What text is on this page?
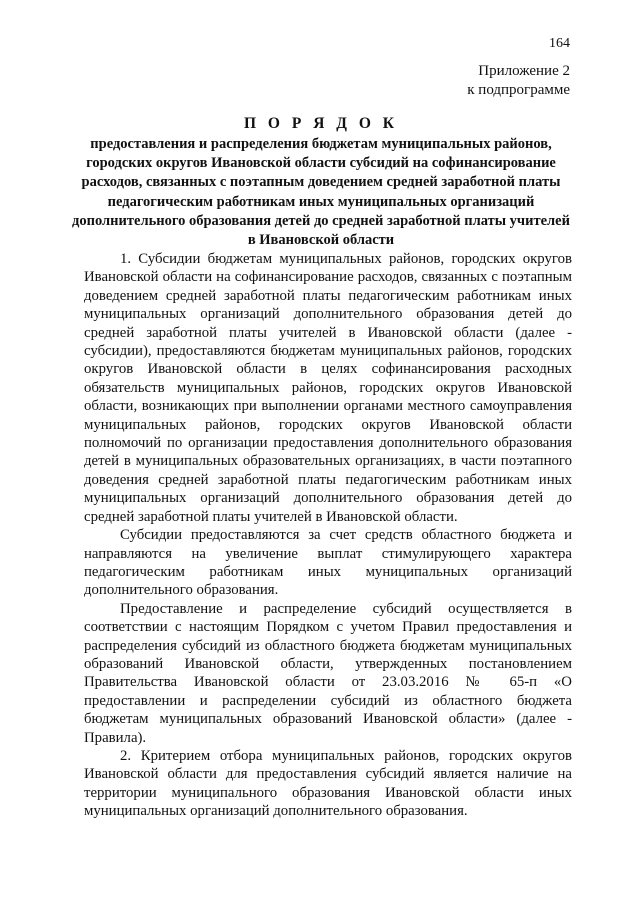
164
Приложение 2
к подпрограмме

П О Р Я Д О К

предоставления и распределения бюджетам муниципальных районов, городских округов Ивановской области субсидий на софинансирование расходов, связанных с поэтапным доведением средней заработной платы педагогическим работникам иных муниципальных организаций дополнительного образования детей до средней заработной платы учителей в Ивановской области

1. Субсидии бюджетам муниципальных районов, городских округов Ивановской области на софинансирование расходов, связанных с поэтапным доведением средней заработной платы педагогическим работникам иных муниципальных организаций дополнительного образования детей до средней заработной платы учителей в Ивановской области (далее - субсидии), предоставляются бюджетам муниципальных районов, городских округов Ивановской области в целях софинансирования расходных обязательств муниципальных районов, городских округов Ивановской области, возникающих при выполнении органами местного самоуправления муниципальных районов, городских округов Ивановской области полномочий по организации предоставления дополнительного образования детей в муниципальных образовательных организациях, в части поэтапного доведения средней заработной платы педагогическим работникам иных муниципальных организаций дополнительного образования детей до средней заработной платы учителей в Ивановской области.

Субсидии предоставляются за счет средств областного бюджета и направляются на увеличение выплат стимулирующего характера педагогическим работникам иных муниципальных организаций дополнительного образования.

Предоставление и распределение субсидий осуществляется в соответствии с настоящим Порядком с учетом Правил предоставления и распределения субсидий из областного бюджета бюджетам муниципальных образований Ивановской области, утвержденных постановлением Правительства Ивановской области от 23.03.2016 № 65-п «О предоставлении и распределении субсидий из областного бюджета бюджетам муниципальных образований Ивановской области» (далее - Правила).

2. Критерием отбора муниципальных районов, городских округов Ивановской области для предоставления субсидий является наличие на территории муниципального образования Ивановской области иных муниципальных организаций дополнительного образования.
